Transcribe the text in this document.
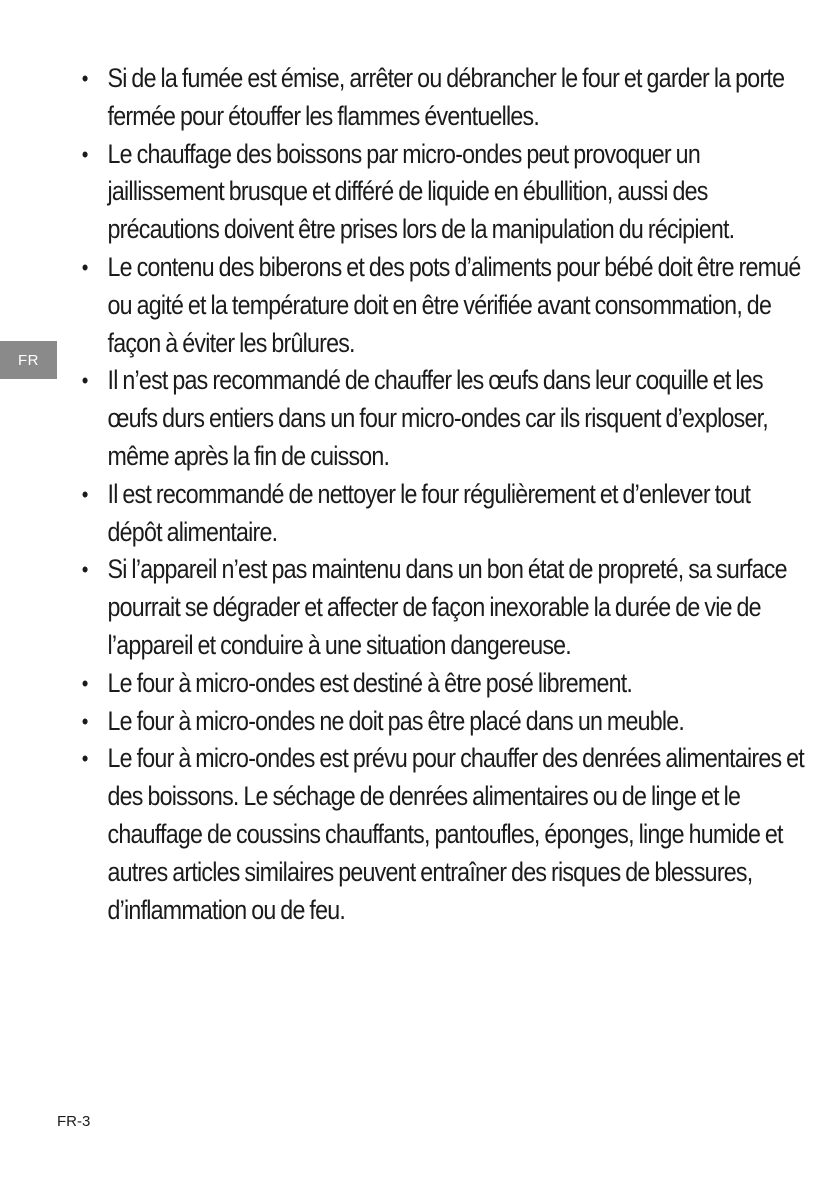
FR
• Si de la fumée est émise, arrêter ou débrancher le four et garder la porte fermée pour étouffer les flammes éventuelles.
• Le chauffage des boissons par micro-ondes peut provoquer un jaillissement brusque et différé de liquide en ébullition, aussi des précautions doivent être prises lors de la manipulation du récipient.
• Le contenu des biberons et des pots d’aliments pour bébé doit être remué ou agité et la température doit en être vérifiée avant consommation, de façon à éviter les brûlures.
• Il n’est pas recommandé de chauffer les œufs dans leur coquille et les œufs durs entiers dans un four micro-ondes car ils risquent d’exploser, même après la fin de cuisson.
• Il est recommandé de nettoyer le four régulièrement et d’enlever tout dépôt alimentaire.
• Si l’appareil n’est pas maintenu dans un bon état de propreté, sa surface pourrait se dégrader et affecter de façon inexorable la durée de vie de l’appareil et conduire à une situation dangereuse.
• Le four à micro-ondes est destiné à être posé librement.
• Le four à micro-ondes ne doit pas être placé dans un meuble.
• Le four à micro-ondes est prévu pour chauffer des denrées alimentaires et des boissons. Le séchage de denrées alimentaires ou de linge et le chauffage de coussins chauffants, pantoufles, éponges, linge humide et autres articles similaires peuvent entraîner des risques de blessures, d’inflammation ou de feu.
FR-3
